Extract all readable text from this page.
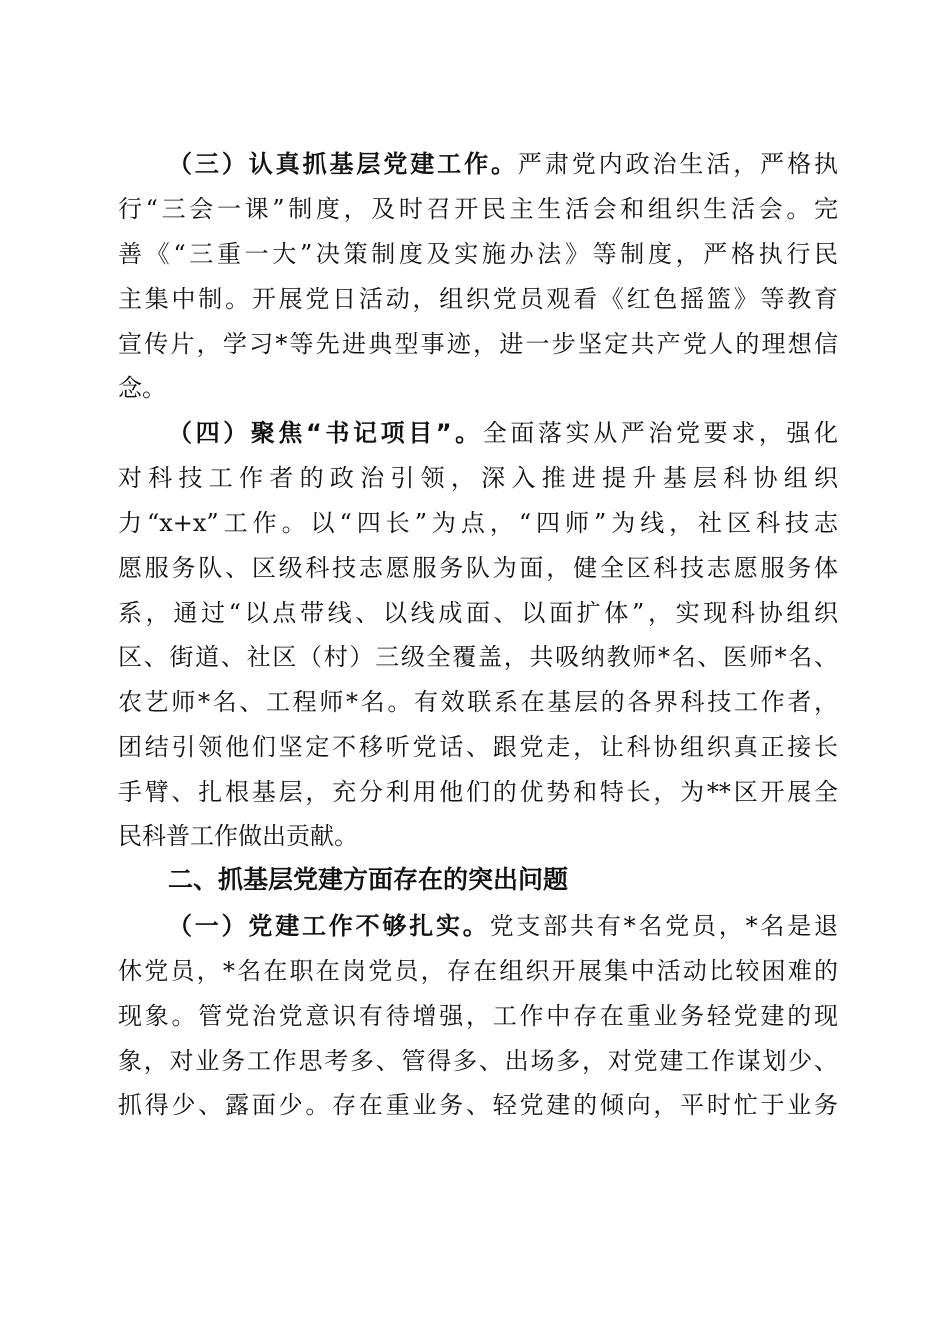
（三）认真抓基层党建工作。严肃党内政治生活，严格执
行“三会一课”制度，及时召开民主生活会和组织生活会。完
善《“三重一大”决策制度及实施办法》等制度，严格执行民
主集中制。开展党日活动，组织党员观看《红色摇篮》等教育
宣传片，学习*等先进典型事迹，进一步坚定共产党人的理想信
念。
（四）聚焦“书记项目”。全面落实从严治党要求，强化
对科技工作者的政治引领，深入推进提升基层科协组织
力“x+x”工作。以“四长”为点，“四师”为线，社区科技志
愿服务队、区级科技志愿服务队为面，健全区科技志愿服务体
系，通过“以点带线、以线成面、以面扩体”，实现科协组织
区、街道、社区（村）三级全覆盖，共吸纳教师*名、医师*名、
农艺师*名、工程师*名。有效联系在基层的各界科技工作者，
团结引领他们坚定不移听党话、跟党走，让科协组织真正接长
手臂、扎根基层，充分利用他们的优势和特长，为**区开展全
民科普工作做出贡献。
二、抓基层党建方面存在的突出问题
（一）党建工作不够扎实。党支部共有*名党员，*名是退
休党员，*名在职在岗党员，存在组织开展集中活动比较困难的
现象。管党治党意识有待增强，工作中存在重业务轻党建的现
象，对业务工作思考多、管得多、出场多，对党建工作谋划少、
抓得少、露面少。存在重业务、轻党建的倾向，平时忙于业务
